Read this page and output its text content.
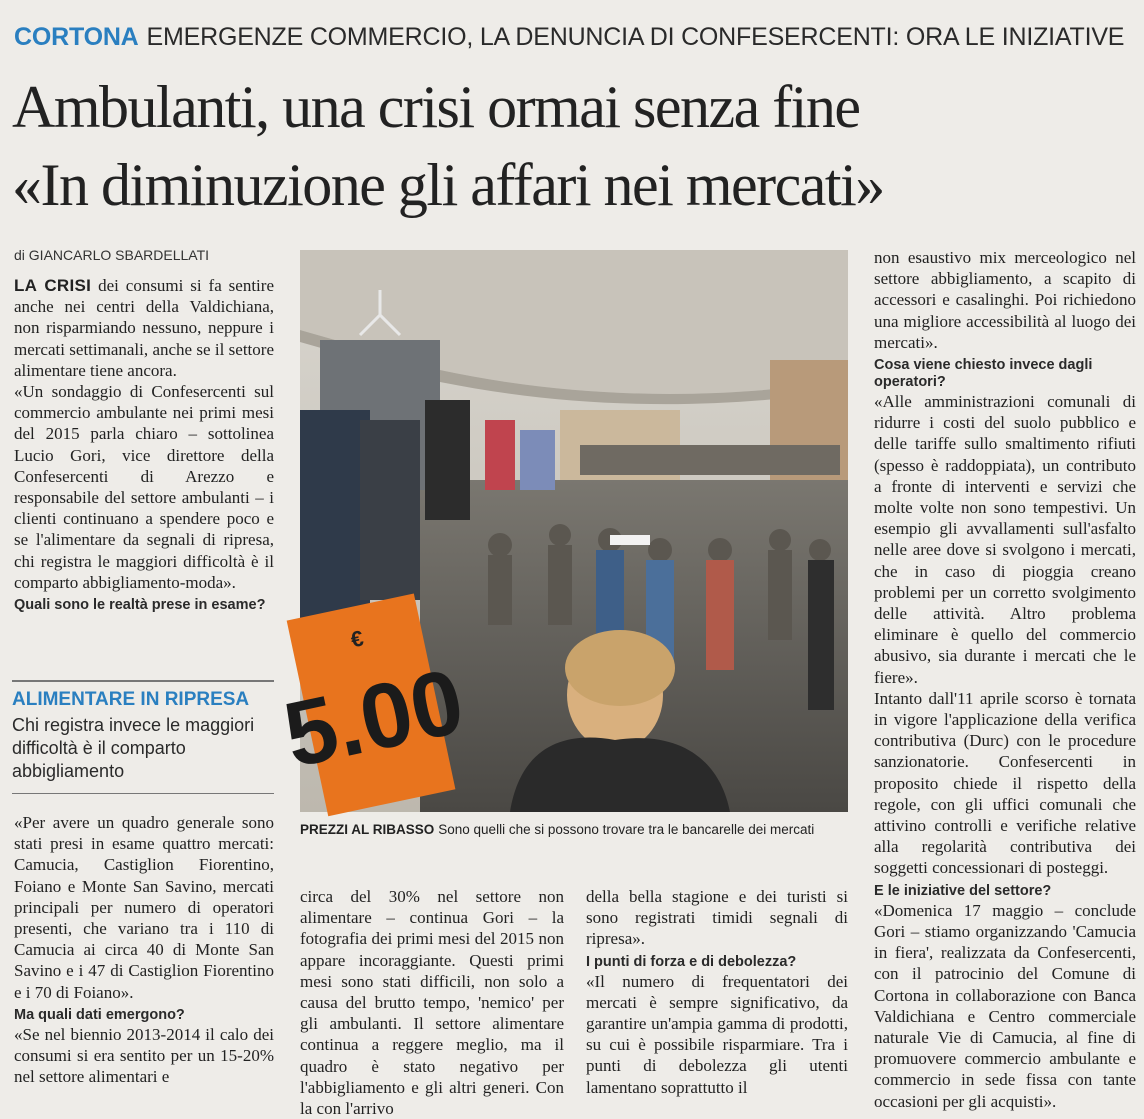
CORTONA EMERGENZE COMMERCIO, LA DENUNCIA DI CONFESERCENTI: ORA LE INIZIATIVE
Ambulanti, una crisi ormai senza fine
«In diminuzione gli affari nei mercati»
di GIANCARLO SBARDELLATI

LA CRISI dei consumi si fa sentire anche nei centri della Valdichiana, non risparmiando nessuno, neppure i mercati settimanali, anche se il settore alimentare tiene ancora.

«Un sondaggio di Confesercenti sul commercio ambulante nei primi mesi del 2015 parla chiaro – sottolinea Lucio Gori, vice direttore della Confesercenti di Arezzo e responsabile del settore ambulanti – i clienti continuano a spendere poco e se l'alimentare da segnali di ripresa, chi registra le maggiori difficoltà è il comparto abbigliamento-moda».

Quali sono le realtà prese in esame?
ALIMENTARE IN RIPRESA
Chi registra invece le maggiori difficoltà è il comparto abbigliamento

«Per avere un quadro generale sono stati presi in esame quattro mercati: Camucia, Castiglion Fiorentino, Foiano e Monte San Savino, mercati principali per numero di operatori presenti, che variano tra i 110 di Camucia ai circa 40 di Monte San Savino e i 47 di Castiglion Fiorentino e i 70 di Foiano».

Ma quali dati emergono?

«Se nel biennio 2013-2014 il calo dei consumi si era sentito per un 15-20% nel settore alimentari e

€
5.00
PREZZI AL RIBASSO Sono quelli che si possono trovare tra le bancarelle dei mercati

circa del 30% nel settore non alimentare – continua Gori – la fotografia dei primi mesi del 2015 non appare incoraggiante. Questi primi mesi sono stati difficili, non solo a causa del brutto tempo, 'nemico' per gli ambulanti. Il settore alimentare continua a reggere meglio, ma il quadro è stato negativo per l'abbigliamento e gli altri generi. Con la con l'arrivo

della bella stagione e dei turisti si sono registrati timidi segnali di ripresa».

I punti di forza e di debolezza?

«Il numero di frequentatori dei mercati è sempre significativo, da garantire un'ampia gamma di prodotti, su cui è possibile risparmiare. Tra i punti di debolezza gli utenti lamentano soprattutto il

non esaustivo mix merceologico nel settore abbigliamento, a scapito di accessori e casalinghi. Poi richiedono una migliore accessibilità al luogo dei mercati».

Cosa viene chiesto invece dagli operatori?

«Alle amministrazioni comunali di ridurre i costi del suolo pubblico e delle tariffe sullo smaltimento rifiuti (spesso è raddoppiata), un contributo a fronte di interventi e servizi che molte volte non sono tempestivi. Un esempio gli avvallamenti sull'asfalto nelle aree dove si svolgono i mercati, che in caso di pioggia creano problemi per un corretto svolgimento delle attività. Altro problema eliminare è quello del commercio abusivo, sia durante i mercati che le fiere».

Intanto dall'11 aprile scorso è tornata in vigore l'applicazione della verifica contributiva (Durc) con le procedure sanzionatorie. Confesercenti in proposito chiede il rispetto della regole, con gli uffici comunali che attivino controlli e verifiche relative alla regolarità contributiva dei soggetti concessionari di posteggi.

E le iniziative del settore?

«Domenica 17 maggio – conclude Gori – stiamo organizzando 'Camucia in fiera', realizzata da Confesercenti, con il patrocinio del Comune di Cortona in collaborazione con Banca Valdichiana e Centro commerciale naturale Vie di Camucia, al fine di promuovere commercio ambulante e commercio in sede fissa con tante occasioni per gli acquisti».
